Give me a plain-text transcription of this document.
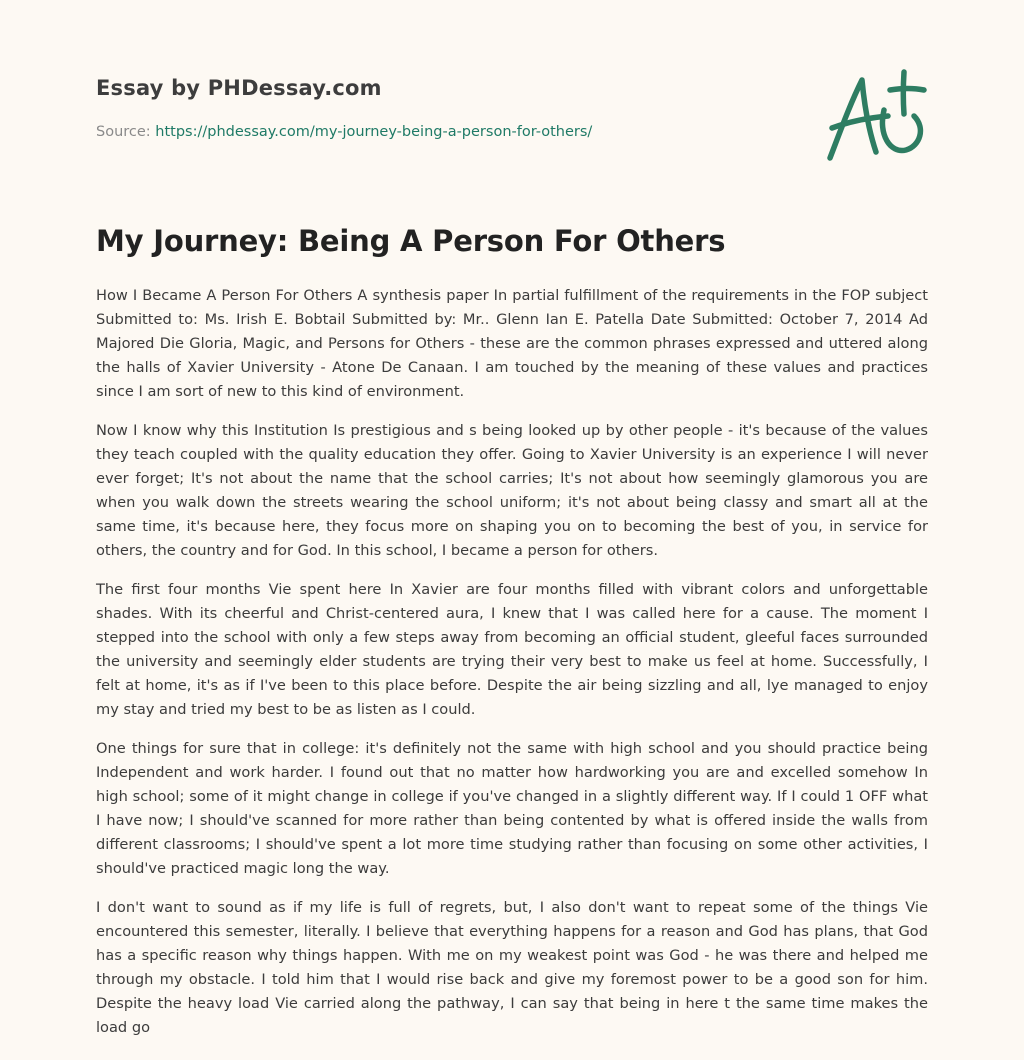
Essay by PHDessay.com
Source: https://phdessay.com/my-journey-being-a-person-for-others/
My Journey: Being A Person For Others

How I Became A Person For Others A synthesis paper In partial fulfillment of the requirements in the FOP subject Submitted to: Ms. Irish E. Bobtail Submitted by: Mr.. Glenn Ian E. Patella Date Submitted: October 7, 2014 Ad Majored Die Gloria, Magic, and Persons for Others - these are the common phrases expressed and uttered along the halls of Xavier University - Atone De Canaan. I am touched by the meaning of these values and practices since I am sort of new to this kind of environment.

Now I know why this Institution Is prestigious and s being looked up by other people - it's because of the values they teach coupled with the quality education they offer. Going to Xavier University is an experience I will never ever forget; It's not about the name that the school carries; It's not about how seemingly glamorous you are when you walk down the streets wearing the school uniform; it's not about being classy and smart all at the same time, it's because here, they focus more on shaping you on to becoming the best of you, in service for others, the country and for God. In this school, I became a person for others.

The first four months Vie spent here In Xavier are four months filled with vibrant colors and unforgettable shades. With its cheerful and Christ-centered aura, I knew that I was called here for a cause. The moment I stepped into the school with only a few steps away from becoming an official student, gleeful faces surrounded the university and seemingly elder students are trying their very best to make us feel at home. Successfully, I felt at home, it's as if I've been to this place before. Despite the air being sizzling and all, lye managed to enjoy my stay and tried my best to be as listen as I could.

One things for sure that in college: it's definitely not the same with high school and you should practice being Independent and work harder. I found out that no matter how hardworking you are and excelled somehow In high school; some of it might change in college if you've changed in a slightly different way. If I could 1 OFF what I have now; I should've scanned for more rather than being contented by what is offered inside the walls from different classrooms; I should've spent a lot more time studying rather than focusing on some other activities, I should've practiced magic long the way.

I don't want to sound as if my life is full of regrets, but, I also don't want to repeat some of the things Vie encountered this semester, literally. I believe that everything happens for a reason and God has plans, that God has a specific reason why things happen. With me on my weakest point was God - he was there and helped me through my obstacle. I told him that I would rise back and give my foremost power to be a good son for him. Despite the heavy load Vie carried along the pathway, I can say that being in here t the same time makes the load go
